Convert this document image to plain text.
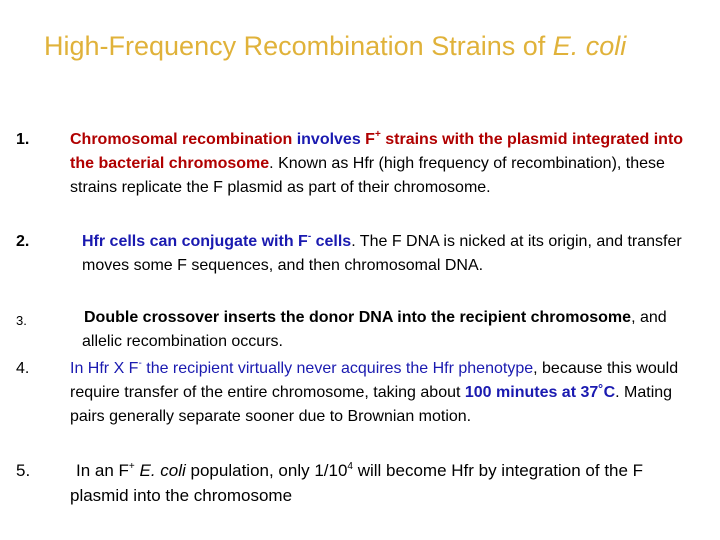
High-Frequency Recombination Strains of E. coli
1.	Chromosomal recombination involves F+ strains with the plasmid integrated into the bacterial chromosome. Known as Hfr (high frequency of recombination), these strains replicate the F plasmid as part of their chromosome.
2.	Hfr cells can conjugate with F- cells. The F DNA is nicked at its origin, and transfer moves some F sequences, and then chromosomal DNA.
3.	Double crossover inserts the donor DNA into the recipient chromosome, and allelic recombination occurs.
4.	In Hfr X F- the recipient virtually never acquires the Hfr phenotype, because this would require transfer of the entire chromosome, taking about 100 minutes at 37˚C. Mating pairs generally separate sooner due to Brownian motion.
5.	In an F+ E. coli population, only $1/10^4$ will become Hfr by integration of the F plasmid into the chromosome
